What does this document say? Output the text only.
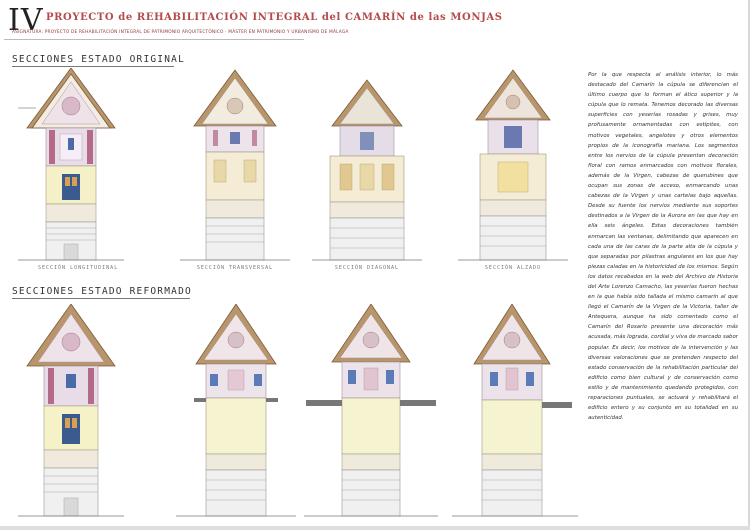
IV PROYECTO de REHABILITACIÓN INTEGRAL del CAMARÍN de las MONJAS
ASIGNATURA: PROYECTO DE REHABILITACIÓN INTEGRAL DE PATRIMONIO ARQUITECTÓNICO · MÁSTER EN PATRIMONIO Y URBANISMO DE MÁLAGA
SECCIONES ESTADO ORIGINAL
SECCIONES ESTADO REFORMADO
SECCIÓN LONGITUDINAL	SECCIÓN TRANSVERSAL	SECCIÓN DIAGONAL	SECCIÓN ALZADO
Por la que respecta al análisis interior, lo más destacado del Camarín la cúpula se diferencian el último cuerpo que lo forman el ático superior y la cúpula que lo remata. Tenemos decorado las diversas superficies con yeserías rosadas y grises, muy profusamente ornamentadas con estípites, con motivos vegetales, angelotes y otros elementos propios de la iconografía mariana. Los segmentos entre los nervios de la cúpula presentan decoración floral con ramos enmarcados con motivos florales, además de la Virgen, cabezas de querubines que ocupan sus zonas de acceso, enmarcando unas cabezas de la Virgen y unas cartelas bajo aquellas. Desde su fuente los nervios mediante sus soportes destinados a la Virgen de la Aurora en las que hay en ella seis ángeles. Estas decoraciones también enmarcan las ventanas, delimitando que aparecen en cada una de las caras de la parte alta de la cúpula y que separadas por pilastras angulares en los que hay piezas caladas en la historicidad de los mismos. Según los datos recabados en la web del Archivo de Historia del Arte Lorenzo Camacho, las yeserías fueron hechas en la que había sido tallada el mismo camarín al que llegó el Camarín de la Virgen de la Victoria, taller de Antequera, aunque ha sido comentado como el Camarín del Rosario presente una decoración más acusada, más lograda, cordial y viva de marcado sabor popular. Es decir, los motivos de la intervención y las diversas valoraciones que se pretenden respecto del estado conservación de la rehabilitación particular del edificio como bien cultural y de conservación como estilo y de mantenimiento quedando protegidos, con reparaciones puntuales, se actuará y rehabilitará el edificio entero y su conjunto en su totalidad en su autenticidad.
